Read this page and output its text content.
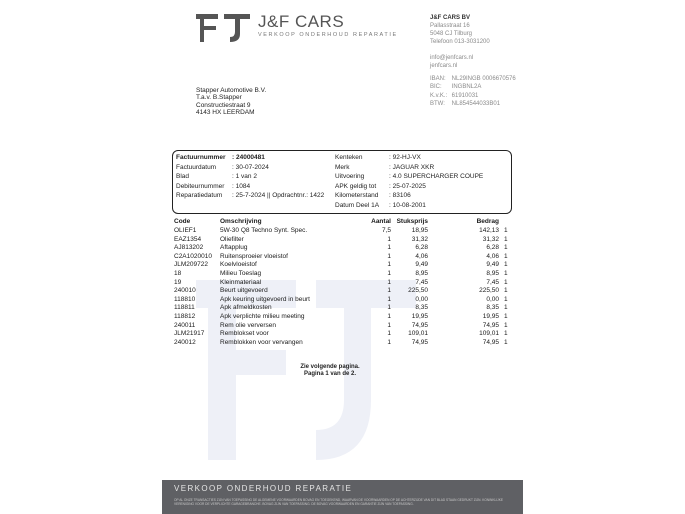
J&F CARS
VERKOOP ONDERHOUD REPARATIE
J&F CARS BV
Pallasstraat 16
5048 CJ Tilburg
Telefoon 013-3031200
info@jenfcars.nl
jenfcars.nl
IBAN: NL29INGB 0006670576
BIC: INGBNL2A
K.v.K.: 61910031
BTW: NL854544033B01
Stapper Automotive B.V.
T.a.v. B.Stapper
Constructiestraat 9
4143 HX LEERDAM
Factuurnummer : 24000481
Factuurdatum : 30-07-2024
Blad	: 1 van 2
Debiteurnummer : 1084
Reparatiedatum : 25-7-2024 || Opdrachtnr.: 1422
Kenteken	: 92-HJ-VX
Merk	: JAGUAR XKR
Uitvoering	: 4.0 SUPERCHARGER COUPE
APK geldig tot : 25-07-2025
Kilometerstand : 83106
Datum Deel 1A : 10-08-2001
Code	Omschrijving	Aantal Stuksprijs	Bedrag
OLIEF1	5W-30 Q8 Techno Synt. Spec.	7,5	18,95	142,13 1
EAZ1354	Oliefilter	1	31,32	31,32 1
AJ813202	Aftapplug	1	6,28	6,28 1
C2A1020010 Ruitensproeier vloeistof	1	4,06	4,06 1
JLM209722 Koelvloeistof	1	9,49	9,49 1
18	Milieu Toeslag	1	8,95	8,95 1
19	Kleinmateriaal	1	7,45	7,45 1
240010	Beurt uitgevoerd	1	225,50	225,50 1
118810	Apk keuring uitgevoerd in beurt	1	0,00	0,00 1
118811	Apk afmeldkosten	1	8,35	8,35 1
118812	Apk verplichte milieu meeting	1	19,95	19,95 1
240011	Rem olie verversen	1	74,95	74,95 1
JLM21917 Remblokset voor	1	109,01	109,01 1
240012	Remblokken voor vervangen	1	74,95	74,95 1
Zie volgende pagina.
Pagina 1 van de 2.
VERKOOP ONDERHOUD REPARATIE
OP AL ONZE TRANSACTIES ZIJN VAN TOEPASSING DE ALGEMENE VOORWAARDEN BOVAG EN TOEGEKEND, WAARVAN DE VOORWAARDEN OP DE ACHTERZIJDE VAN DIT BLAD STAAN GEDRUKT ZIJN. KONINKLIJKE VERENIGING VOOR DE VERPLICHTE GARAGEBRANCHE. BOVAG ZIJN VAN TOEPASSING. DE BOVAG VOORWAARDEN EN GARANTIE ZIJN VAN TOEPASSING.
